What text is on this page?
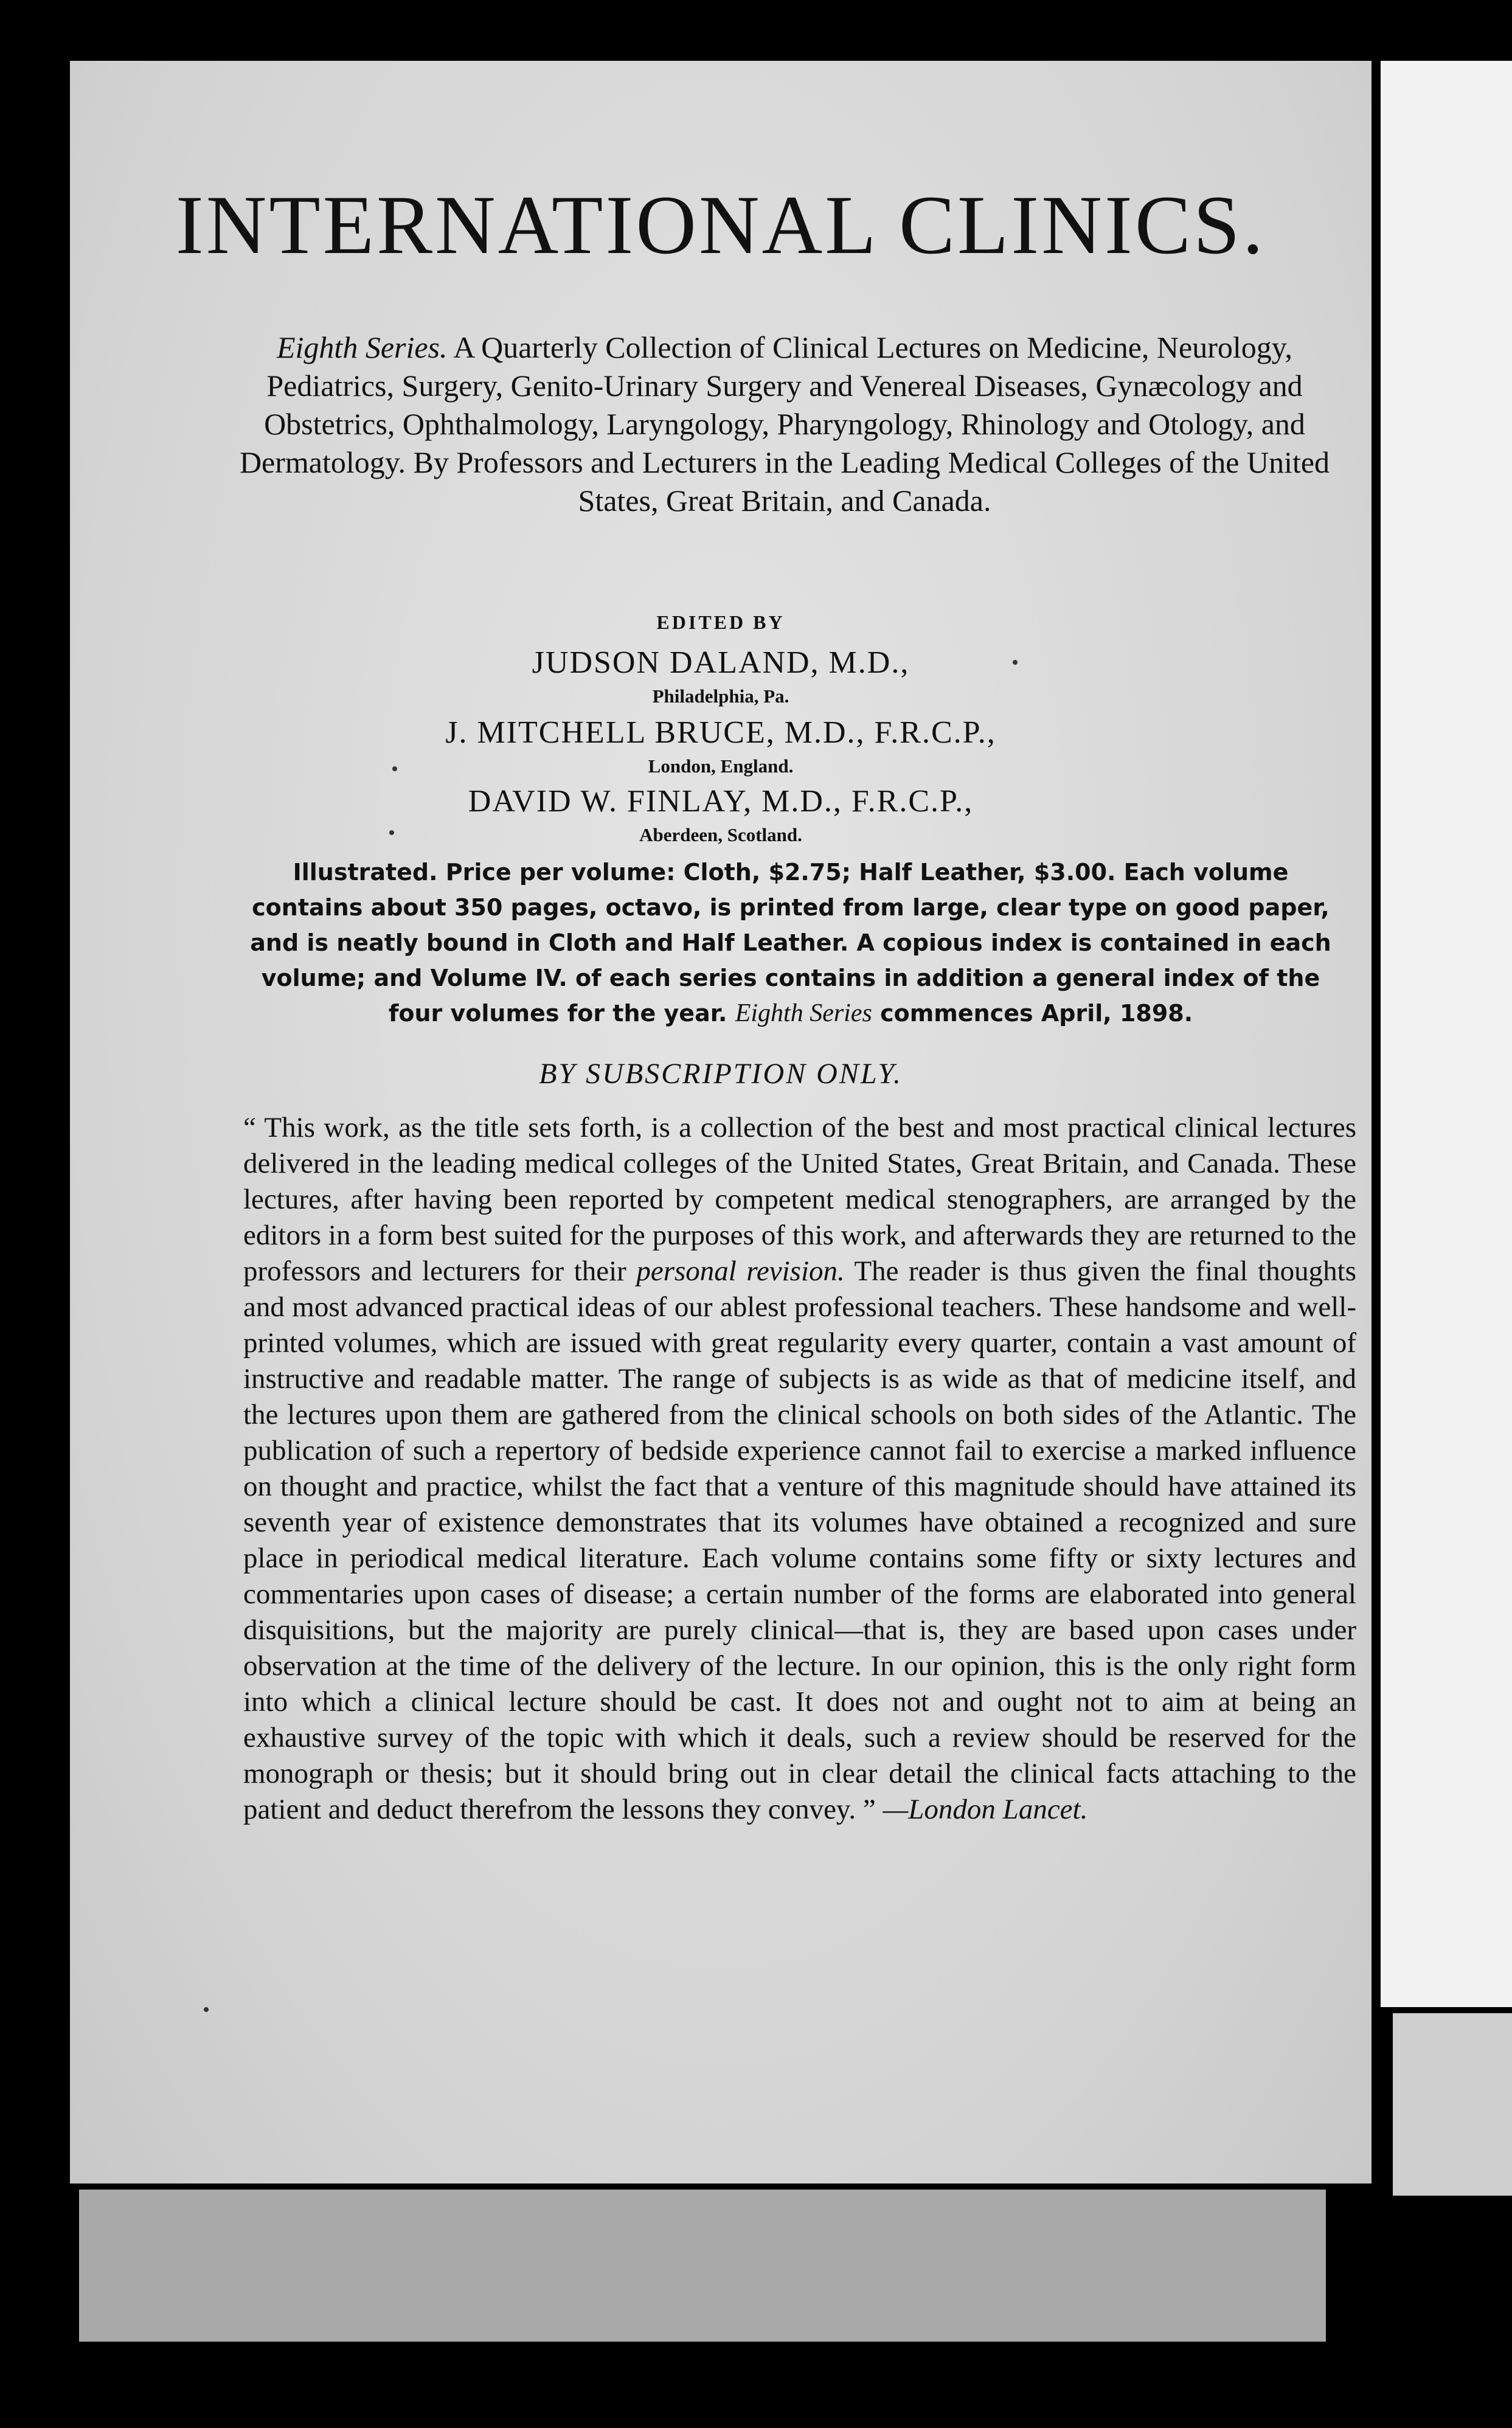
INTERNATIONAL CLINICS.
Eighth Series. A Quarterly Collection of Clinical Lectures on Medicine, Neurology, Pediatrics, Surgery, Genito-Urinary Surgery and Venereal Diseases, Gynæcology and Obstetrics, Ophthalmology, Laryngology, Pharyngology, Rhinology and Otology, and Dermatology. By Professors and Lecturers in the Leading Medical Colleges of the United States, Great Britain, and Canada.
EDITED BY
JUDSON DALAND, M.D.,
Philadelphia, Pa.
J. MITCHELL BRUCE, M.D., F.R.C.P.,
London, England.
DAVID W. FINLAY, M.D., F.R.C.P.,
Aberdeen, Scotland.
Illustrated. Price per volume: Cloth, $2.75; Half Leather, $3.00. Each volume contains about 350 pages, octavo, is printed from large, clear type on good paper, and is neatly bound in Cloth and Half Leather. A copious index is contained in each volume; and Volume IV. of each series contains in addition a general index of the four volumes for the year. Eighth Series commences April, 1898.
BY SUBSCRIPTION ONLY.
“ This work, as the title sets forth, is a collection of the best and most practical clinical lectures delivered in the leading medical colleges of the United States, Great Britain, and Canada. These lectures, after having been reported by competent medical stenographers, are arranged by the editors in a form best suited for the purposes of this work, and afterwards they are returned to the professors and lecturers for their personal revision. The reader is thus given the final thoughts and most advanced practical ideas of our ablest professional teachers. These handsome and well-printed volumes, which are issued with great regularity every quarter, contain a vast amount of instructive and readable matter. The range of subjects is as wide as that of medicine itself, and the lectures upon them are gathered from the clinical schools on both sides of the Atlantic. The publication of such a repertory of bedside experience cannot fail to exercise a marked influence on thought and practice, whilst the fact that a venture of this magnitude should have attained its seventh year of existence demonstrates that its volumes have obtained a recognized and sure place in periodical medical literature. Each volume contains some fifty or sixty lectures and commentaries upon cases of disease; a certain number of the forms are elaborated into general disquisitions, but the majority are purely clinical—that is, they are based upon cases under observation at the time of the delivery of the lecture. In our opinion, this is the only right form into which a clinical lecture should be cast. It does not and ought not to aim at being an exhaustive survey of the topic with which it deals, such a review should be reserved for the monograph or thesis; but it should bring out in clear detail the clinical facts attaching to the patient and deduct therefrom the lessons they convey. ” —London Lancet.
